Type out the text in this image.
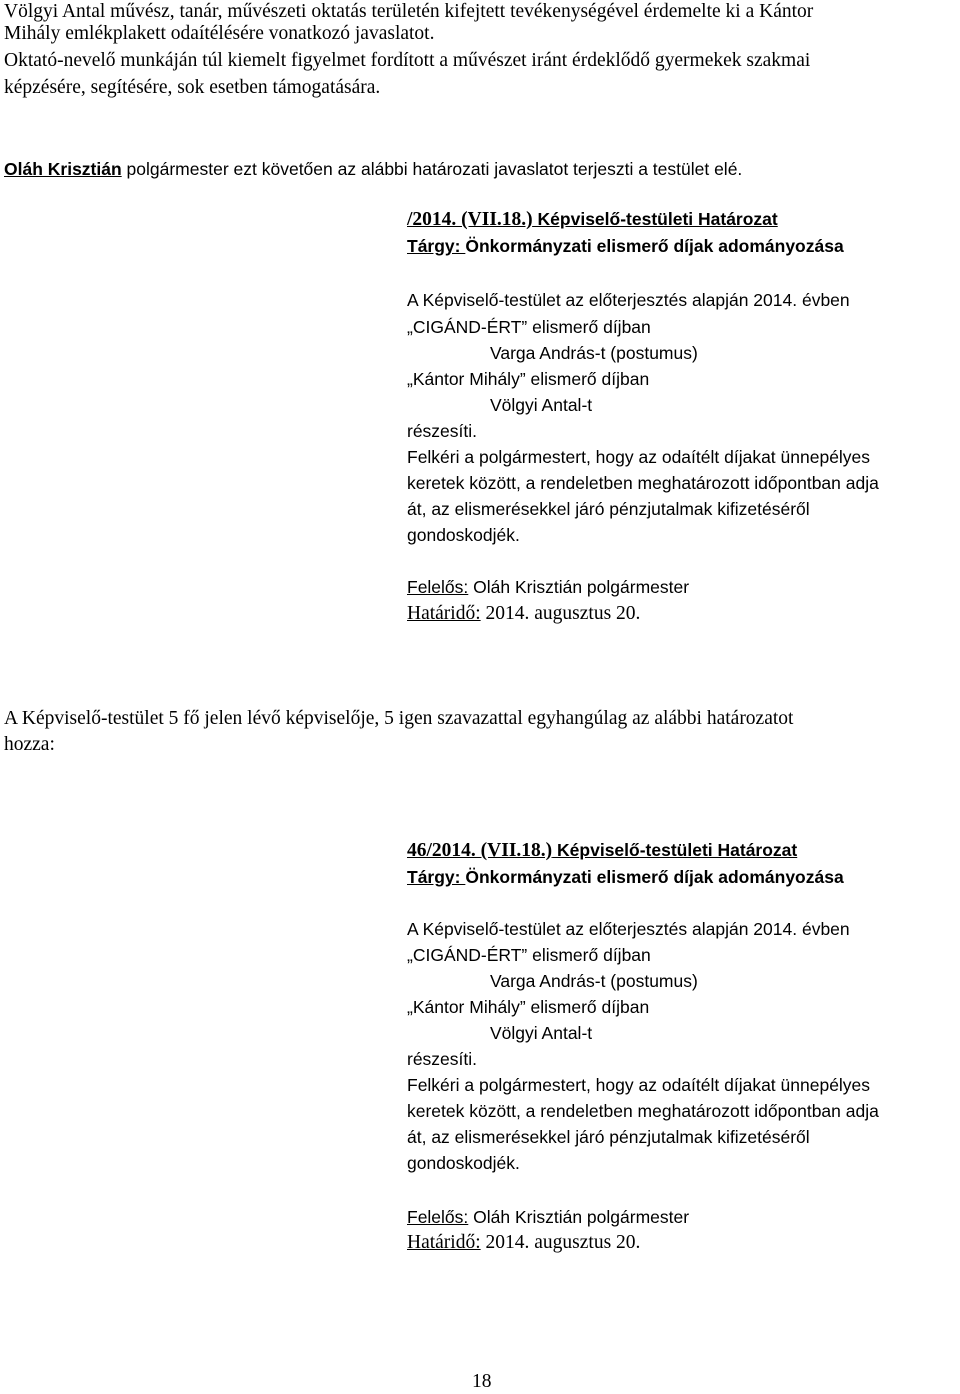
Völgyi Antal művész, tanár, művészeti oktatás területén kifejtett tevékenységével érdemelte ki a Kántor
Mihály emlékplakett odaítélésére vonatkozó javaslatot.
Oktató-nevelő munkáján túl kiemelt figyelmet fordított a művészet iránt érdeklődő gyermekek szakmai
képzésére, segítésére, sok esetben támogatására.
Oláh Krisztián polgármester ezt követően az alábbi határozati javaslatot terjeszti a testület elé.
/2014. (VII.18.) Képviselő-testületi Határozat
Tárgy: Önkormányzati elismerő díjak adományozása
A Képviselő-testület az előterjesztés alapján 2014. évben
„CIGÁND-ÉRT” elismerő díjban
Varga András-t (postumus)
„Kántor Mihály” elismerő díjban
Völgyi Antal-t
részesíti.
Felkéri a polgármestert, hogy az odaítélt díjakat ünnepélyes
keretek között, a rendeletben meghatározott időpontban adja
át, az elismerésekkel járó pénzjutalmak kifizetéséről
gondoskodjék.
Felelős: Oláh Krisztián polgármester
Határidő: 2014. augusztus 20.
A Képviselő-testület 5 fő jelen lévő képviselője, 5 igen szavazattal egyhangúlag az alábbi határozatot
hozza:
46/2014. (VII.18.) Képviselő-testületi Határozat
Tárgy: Önkormányzati elismerő díjak adományozása
A Képviselő-testület az előterjesztés alapján 2014. évben
„CIGÁND-ÉRT” elismerő díjban
Varga András-t (postumus)
„Kántor Mihály” elismerő díjban
Völgyi Antal-t
részesíti.
Felkéri a polgármestert, hogy az odaítélt díjakat ünnepélyes
keretek között, a rendeletben meghatározott időpontban adja
át, az elismerésekkel járó pénzjutalmak kifizetéséről
gondoskodjék.
Felelős: Oláh Krisztián polgármester
Határidő: 2014. augusztus 20.
18
